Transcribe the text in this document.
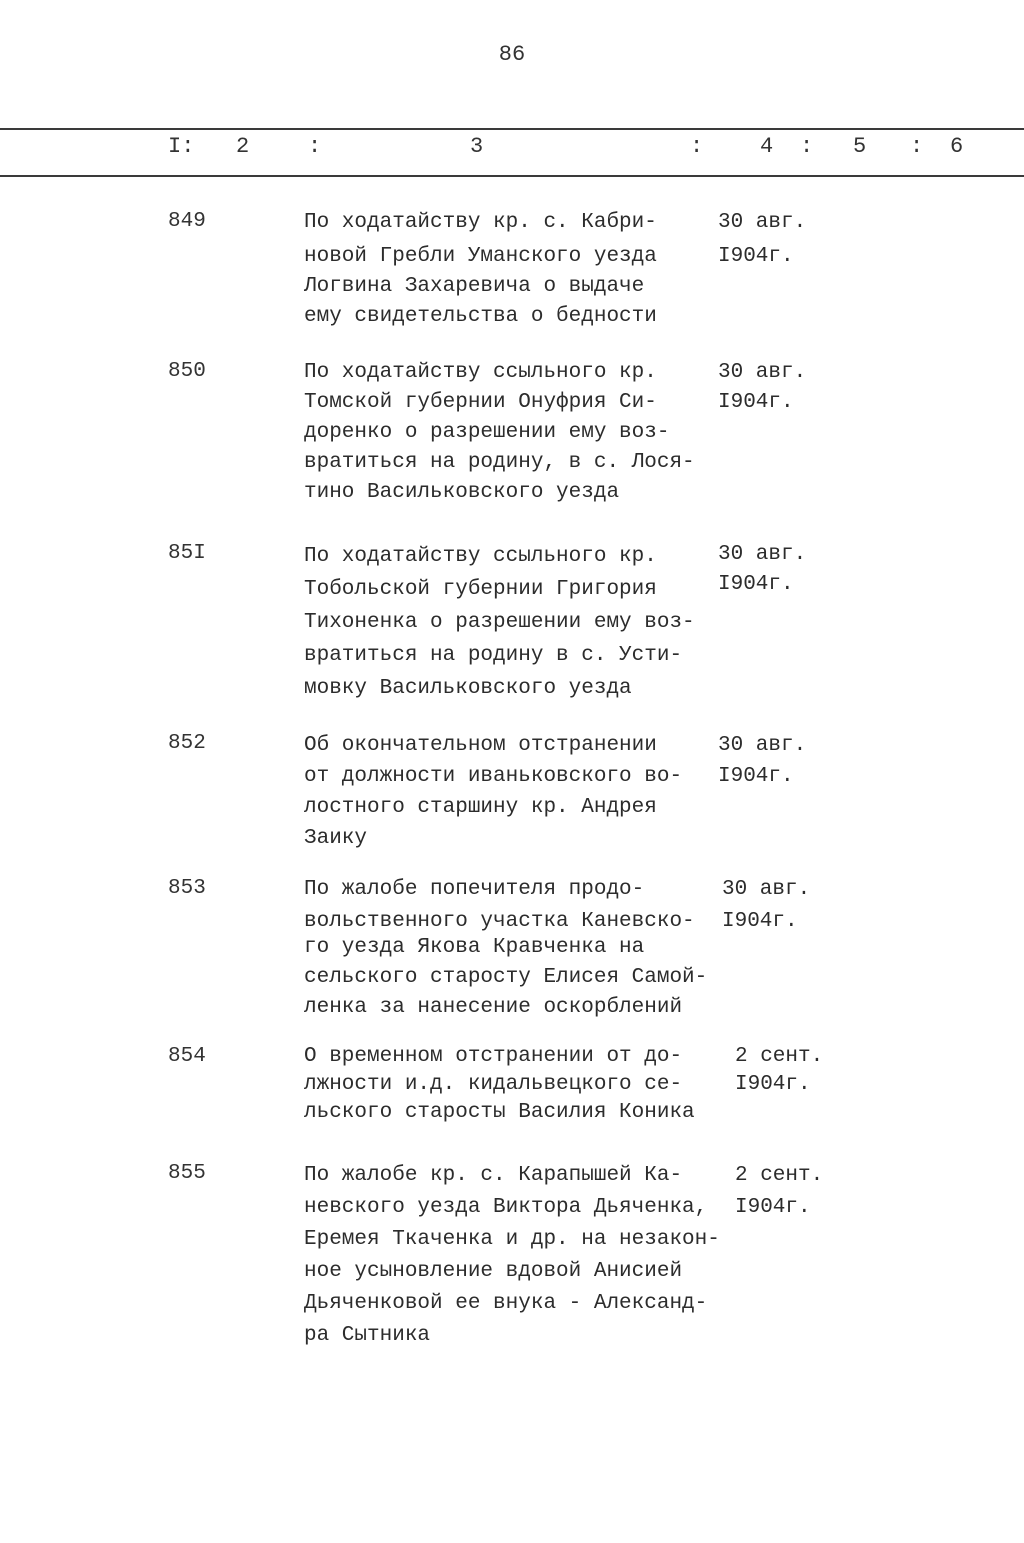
86
I: 2	:	3	:	4 : 5 : 6
849	По ходатайству кр. с. Кабри-

новой Гребли Уманского уезда
Логвина Захаревича о выдаче
ему свидетельства о бедности
30 авг.

I904г.
850	По ходатайству ссыльного кр.
Томской губернии Онуфрия Си-
доренко о разрешении ему воз-
вратиться на родину, в с. Лося-
тино Васильковского уезда
30 авг.
I904г.
85I	По ходатайству ссыльного кр.
Тобольской губернии Григория
Тихоненка о разрешении ему воз-
вратиться на родину в с. Усти-
мовку Васильковского уезда
30 авг.
I904г.
852	Об окончательном отстранении
от должности иваньковского во-
лостного старшину кр. Андрея
Заику
30 авг.
I904г.
853	По жалобе попечителя продо-

вольственного участка Каневско-
го уезда Якова Кравченка на
сельского старосту Елисея Самой-
ленка за нанесение оскорблений
30 авг.

I904г.
854	О временном отстранении от до-
лжности и.д. кидальвецкого се-
льского старосты Василия Коника
2 сент.
I904г.
855	По жалобе кр. с. Карапышей Ка-
невского уезда Виктора Дьяченка,
Еремея Ткаченка и др. на незакон-
ное усыновление вдовой Анисией
Дьяченковой ее внука - Александ-
ра Сытника
2 сент.
I904г.
